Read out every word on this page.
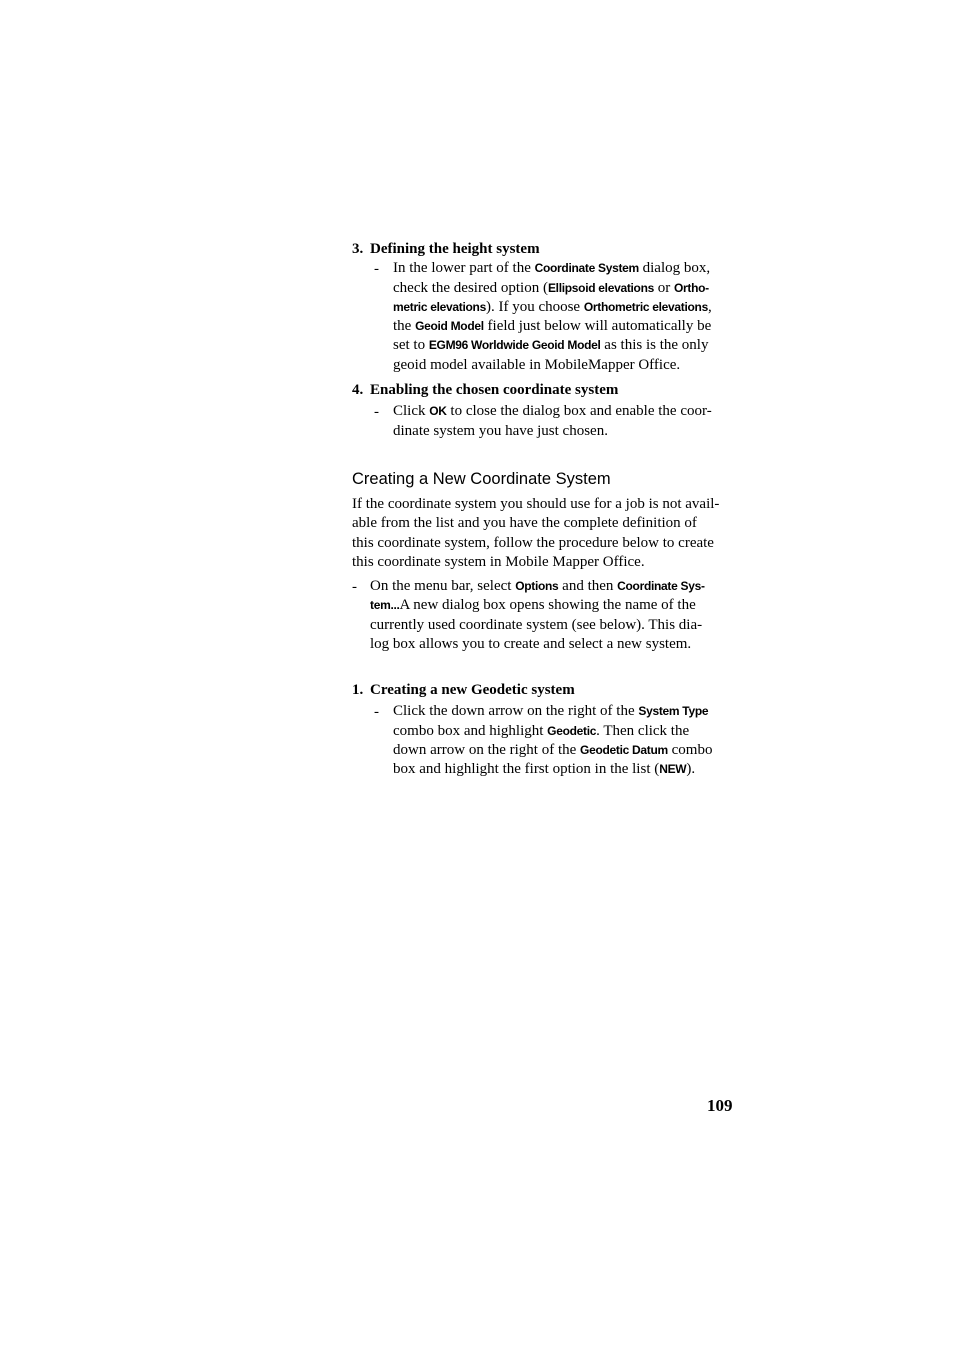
3. Defining the height system
- In the lower part of the Coordinate System dialog box,
check the desired option (Ellipsoid elevations or Ortho-
metric elevations). If you choose Orthometric elevations,
the Geoid Model field just below will automatically be
set to EGM96 Worldwide Geoid Model as this is the only
geoid model available in MobileMapper Office.
4. Enabling the chosen coordinate system
- Click OK to close the dialog box and enable the coor-
dinate system you have just chosen.
Creating a New Coordinate System
If the coordinate system you should use for a job is not avail-
able from the list and you have the complete definition of
this coordinate system, follow the procedure below to create
this coordinate system in Mobile Mapper Office.
- On the menu bar, select Options and then Coordinate Sys-
tem...A new dialog box opens showing the name of the
currently used coordinate system (see below). This dia-
log box allows you to create and select a new system.
1. Creating a new Geodetic system
- Click the down arrow on the right of the System Type
combo box and highlight Geodetic. Then click the
down arrow on the right of the Geodetic Datum combo
box and highlight the first option in the list (NEW).
109
